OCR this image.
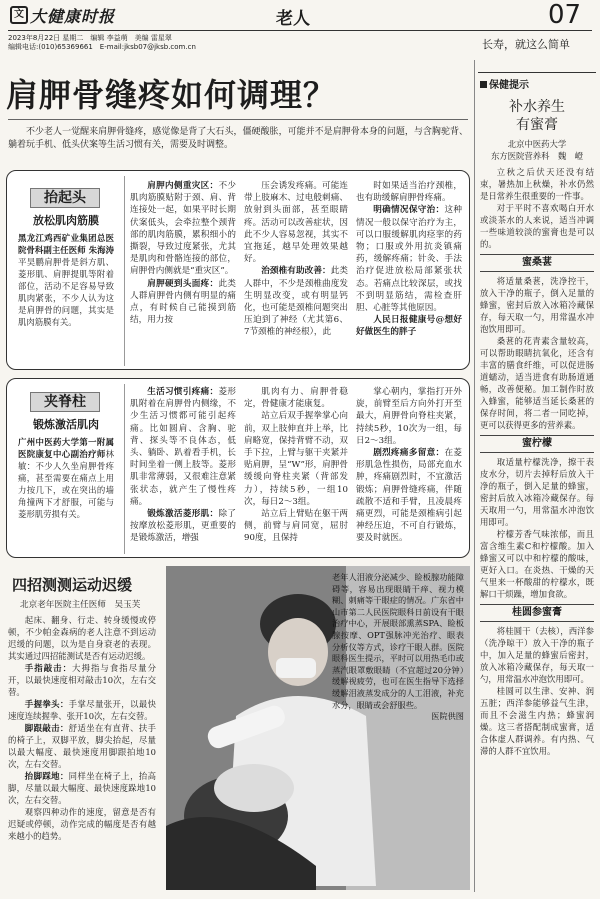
文 大健康时报	老人	07
2023年8月22日 星期二　编辑 李益萌　美编 雷星翠
编辑电话:(010)65369661　E-mail:jksb07@jksb.com.cn	长寿，就这么简单
肩胛骨缝疼如何调理？

不少老人一觉醒来肩胛骨缝疼，感觉像是背了大石头，僵硬酸胀，可能并不是肩胛骨本身的问题，与含胸驼背、躺着玩手机、低头伏案等生活习惯有关，需要及时调整。

抬起头
放松肌肉筋膜
黑龙江鸡西矿业集团总医院骨科副主任医师 朱海涛平昊鹏肩胛骨是斜方肌、菱形肌、肩胛提肌等附着部位，活动不足容易导致肌肉紧张，不少人认为这是肩胛骨的问题，其实是肌肉筋膜有关。

肩胛内侧重灾区：不少肌肉筋膜贴附于颈、肩、背连接处一起，如果平时长期伏案低头，会牵拉整个颈背部的肌肉筋膜，累积细小的撕裂，导致过度紧张，尤其是肌肉和骨骼连接的部位，肩胛骨内侧就是“重灾区”。

肩胛硬到头面疼：此类人群肩胛骨内侧有明显的痛点，有时候自己能摸到筋结，用力按

压会诱发疼痛。可能连带上肢麻木、过电般刺痛、放射到头面部，甚至眼睛疼。活动可以改善症状，因此不少人容易忽视，其实不宜拖延，越早处理效果越好。

治颈椎有助改善：此类人群中，不少是颈椎曲度发生明显改变，或有明显钙化，也可能是颈椎问题突出压迫到了神经（尤其第6、7节颈椎的神经根），此

时如果适当治疗颈椎，也有助缓解肩胛骨疼痛。

明确情况保守治：这种情况一般以保守治疗为主，可以口服缓解肌肉痉挛的药物；口服或外用抗炎镇痛药，缓解疼痛；针灸、手法治疗促进放松局部紧张状态。若痛点比较深层，或找不到明显筋结，需检查肝胆、心脏等其他原因。

人民日报健康号@想好好做医生的胖子

夹脊柱
锻炼激活肌肉
广州中医药大学第一附属医院康复中心副治疗师林敏：不少人久坐肩胛骨疼痛，甚至需要在痛点上用力按几下，或在突出的墙角撞两下才舒服，可能与菱形肌劳损有关。

生活习惯引疼痛：菱形肌附着在肩胛骨内侧缘，不少生活习惯都可能引起疼痛。比如圆肩、含胸、驼背、探头等不良体态，低头、躺卧、趴着看手机，长时间坐着一侧上肢等。菱形肌非常薄弱，又很难注意紧张状态，就产生了慢性疼痛。

锻炼激活菱形肌：除了按摩放松菱形肌，更重要的是锻炼激活，增强

肌肉有力、肩胛骨稳定，骨健康才能康复。

站立后双手握拳掌心向前，双上肢伸直并上举，比肩略宽，保持背臂不动，双手下拉，上臂与躯干夹紧并贴肩胛，呈“W”形，肩胛骨缓缓向脊柱夹紧（背部发力），持续5秒，一组10次，每日2～3组。

站立后上臂贴在躯干两侧，前臂与肩同宽，屈肘90度，且保持

掌心朝内，掌指打开外旋，前臂至后方向外打开至最大，肩胛骨向脊柱夹紧，持续5秒，10次为一组，每日2～3组。

剧烈疼痛多留意：在菱形肌急性损伤，局部充血水肿，疼痛剧烈时，不宜激活锻炼；肩胛骨缝疼痛，伴随疏散不适和手臂，且凌晨疼痛更烈，可能是颈椎病引起神经压迫，不可自行锻炼，要及时就医。

四招测测运动迟缓
北京老年医院主任医师　吴玉芙

起床、翻身、行走、转身缓慢或停顿，不少帕金森病的老人注意不到运动迟缓的问题，以为是自身衰老的表现。其实通过四招能测试是否有运动迟缓。

手指敲击：大拇指与食指尽量分开，以最快速度相对敲击10次，左右交替。

手握拳头：手掌尽量张开，以最快速度连续握拳、张开10次，左右交替。

脚跟敲击：舒适坐在有直背、扶手的椅子上，双脚平放，脚尖抬起，尽量以最大幅度、最快速度用脚跟拍地10次，左右交替。

抬脚踩地：同样坐在椅子上，抬高脚，尽量以最大幅度、最快速度跺地10次，左右交替。

观察四种动作的速度，留意是否有迟疑或停顿，动作完成的幅度是否有越来越小的趋势。

老年人泪液分泌减少、睑板腺功能障碍等，容易出现眼睛干痒、视力模糊、刺痛等干眼症的情况。广东省中山市第二人民医院眼科日前设有干眼治疗中心，开展眼部熏蒸SPA、睑板腺按摩、OPT强脉冲光治疗、眼表分析仪等方式，诊疗干眼人群。医院眼科医生提示，平时可以用热毛巾或蒸汽眼罩敷眼睛（不宜超过20分钟）缓解视疲劳，也可在医生指导下选择缓解泪液蒸发成分的人工泪液，补充水分，眼睛或会舒服些。

医院供图

保健提示
补水养生
有蜜膏
北京中医药大学
东方医院营养科　魏　嶝

立秋之后伏天还没有结束，暑热加上秋燥，补水仍然是日常养生很重要的一件事。

对于平时不喜欢喝白开水或淡茶水的人来说，适当冲调一些味道较淡的蜜膏也是可以的。

蜜桑葚

将适量桑葚，洗净控干，放入干净的瓶子，倒入足量的蜂蜜，密封后放入冰箱冷藏保存，每天取一勺，用常温水冲泡饮用即可。

桑葚的花青素含量较高，可以帮助眼睛抗氧化，还含有丰富的膳食纤维，可以促进肠道蠕动，适当进食有助肠道通畅，改善便秘。加工制作时放入蜂蜜，能够适当延长桑葚的保存时间，将二者一同吃掉，更可以获得更多的营养素。

蜜柠檬

取适量柠檬洗净，擦干表皮水分，切片去掉籽后放入干净的瓶子，倒入足量的蜂蜜，密封后放入冰箱冷藏保存。每天取用一勺，用常温水冲泡饮用即可。

柠檬芳香气味浓郁，而且富含维生素C和柠檬酸。加入蜂蜜又可以中和柠檬的酸味，更好入口。在炎热、干燥的天气里来一杯酸甜的柠檬水，既解口干烦躁，增加食欲。

桂圆参蜜膏

将桂圆干（去核），西洋参（洗净晾干）放入干净的瓶子中，加入足量的蜂蜜后密封，放入冰箱冷藏保存，每天取一勺，用常温水冲泡饮用即可。

桂圆可以生津、安神、润五脏；西洋参能够益气生津，而且不会滋生内热；蜂蜜润燥。这三者搭配制成蜜膏，适合体虚人群调养。有内热、气滞的人群不宜饮用。
